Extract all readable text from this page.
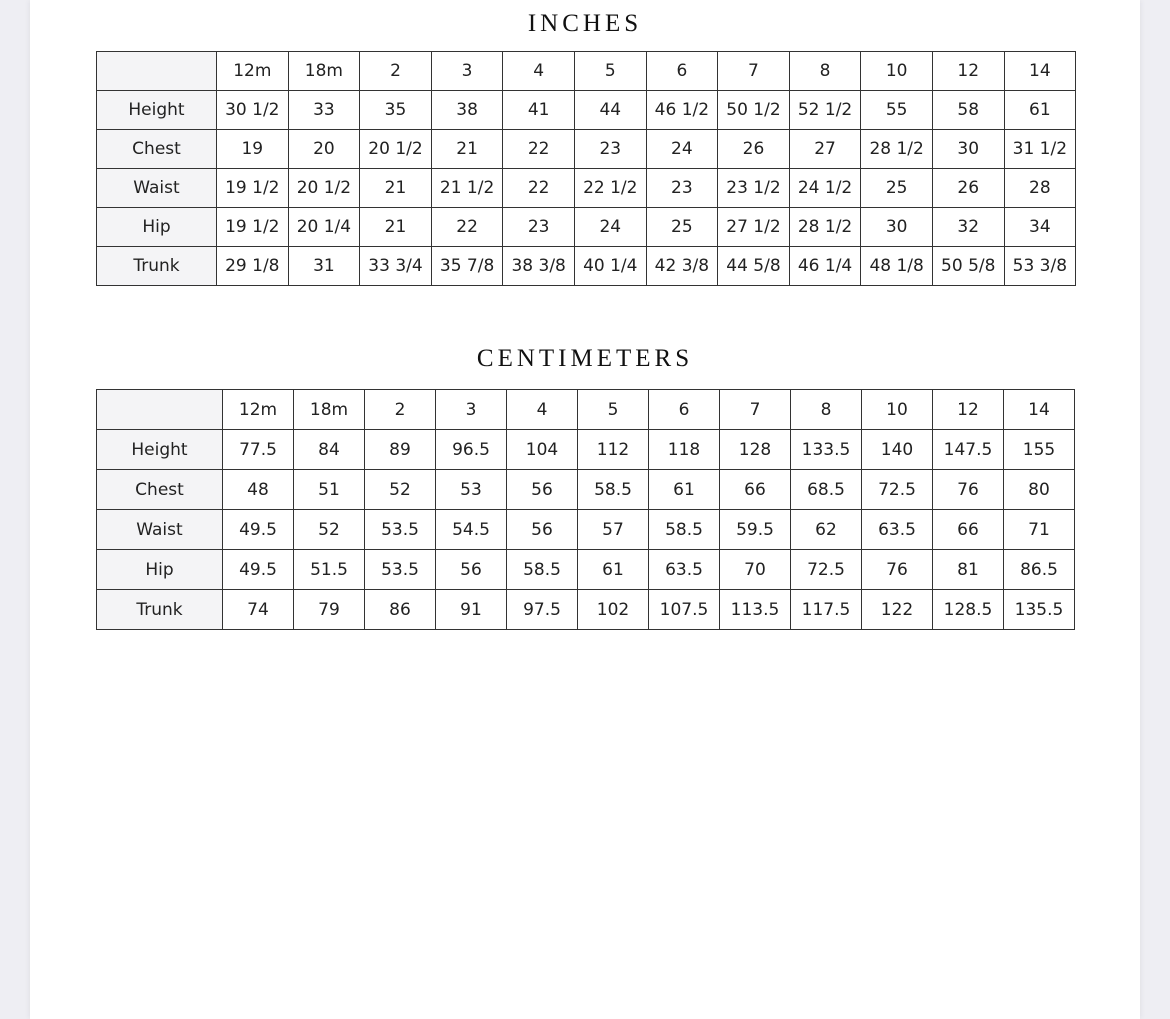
INCHES
	12m	18m	2	3	4	5	6	7	8	10	12	14
Height	30 1/2	33	35	38	41	44	46 1/2	50 1/2	52 1/2	55	58	61
Chest	19	20	20 1/2	21	22	23	24	26	27	28 1/2	30	31 1/2
Waist	19 1/2	20 1/2	21	21 1/2	22	22 1/2	23	23 1/2	24 1/2	25	26	28
Hip	19 1/2	20 1/4	21	22	23	24	25	27 1/2	28 1/2	30	32	34
Trunk	29 1/8	31	33 3/4	35 7/8	38 3/8	40 1/4	42 3/8	44 5/8	46 1/4	48 1/8	50 5/8	53 3/8
CENTIMETERS
	12m	18m	2	3	4	5	6	7	8	10	12	14
Height	77.5	84	89	96.5	104	112	118	128	133.5	140	147.5	155
Chest	48	51	52	53	56	58.5	61	66	68.5	72.5	76	80
Waist	49.5	52	53.5	54.5	56	57	58.5	59.5	62	63.5	66	71
Hip	49.5	51.5	53.5	56	58.5	61	63.5	70	72.5	76	81	86.5
Trunk	74	79	86	91	97.5	102	107.5	113.5	117.5	122	128.5	135.5
